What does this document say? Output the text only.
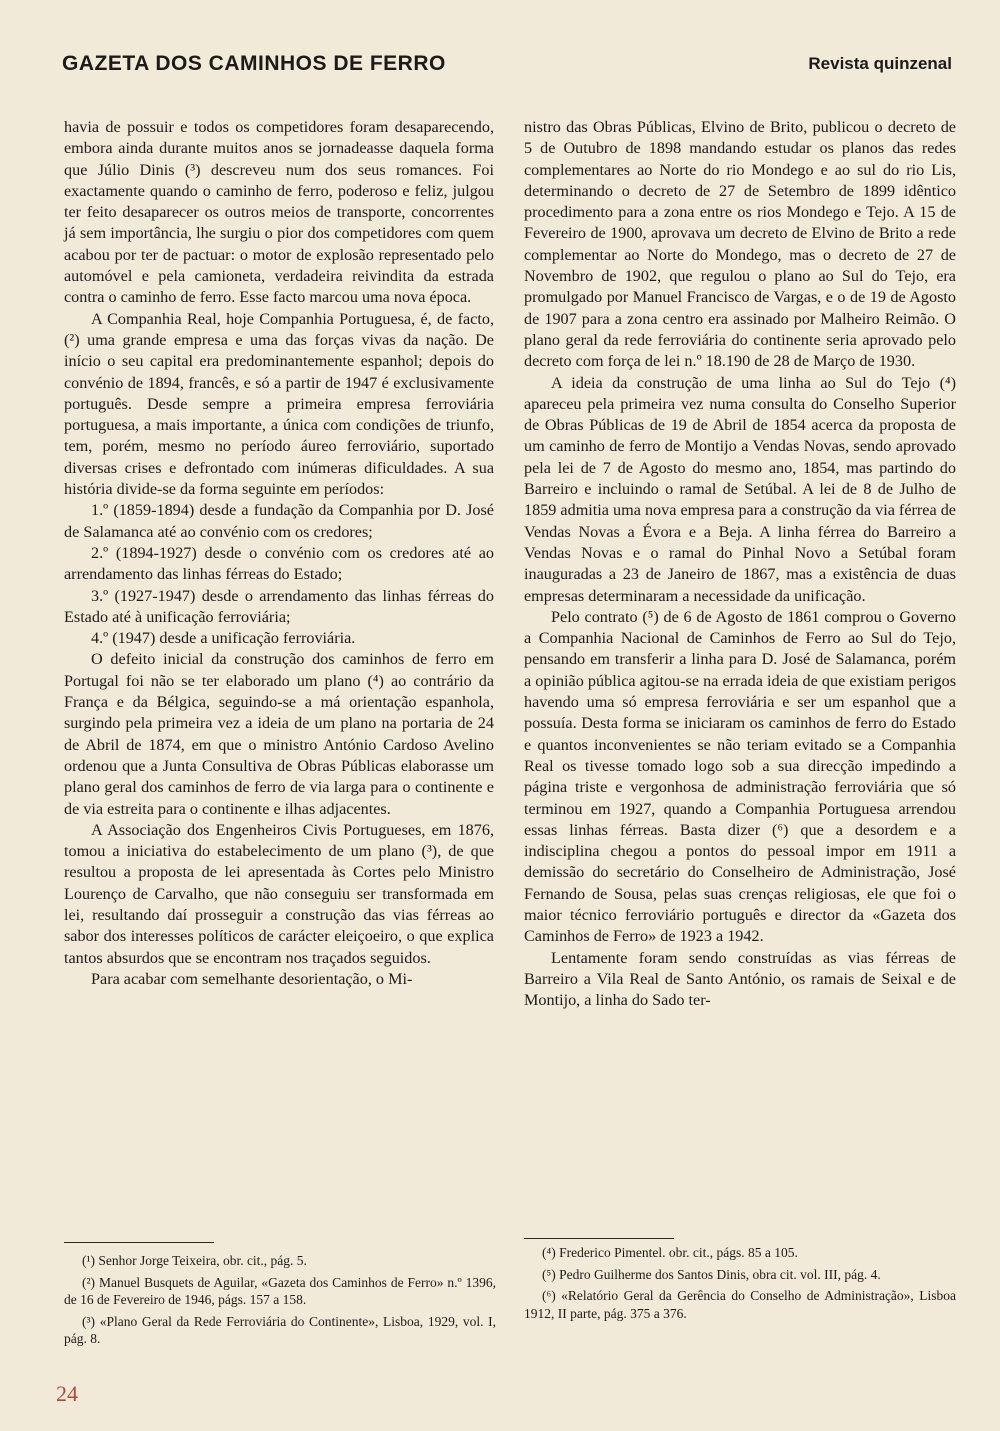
GAZETA DOS CAMINHOS DE FERRO	Revista quinzenal

havia de possuir e todos os competidores foram desaparecendo, embora ainda durante muitos anos se jornadeasse daquela forma que Júlio Dinis (³) descreveu num dos seus romances. Foi exactamente quando o caminho de ferro, poderoso e feliz, julgou ter feito desaparecer os outros meios de transporte, concorrentes já sem importância, lhe surgiu o pior dos competidores com quem acabou por ter de pactuar: o motor de explosão representado pelo automóvel e pela camioneta, verdadeira reivindita da estrada contra o caminho de ferro. Esse facto marcou uma nova época.

A Companhia Real, hoje Companhia Portuguesa, é, de facto, (²) uma grande empresa e uma das forças vivas da nação. De início o seu capital era predominantemente espanhol; depois do convénio de 1894, francês, e só a partir de 1947 é exclusivamente português. Desde sempre a primeira empresa ferroviária portuguesa, a mais importante, a única com condições de triunfo, tem, porém, mesmo no período áureo ferroviário, suportado diversas crises e defrontado com inúmeras dificuldades. A sua história divide-se da forma seguinte em períodos:

1.º (1859-1894) desde a fundação da Companhia por D. José de Salamanca até ao convénio com os credores;

2.º (1894-1927) desde o convénio com os credores até ao arrendamento das linhas férreas do Estado;

3.º (1927-1947) desde o arrendamento das linhas férreas do Estado até à unificação ferroviária;

4.º (1947) desde a unificação ferroviária.

O defeito inicial da construção dos caminhos de ferro em Portugal foi não se ter elaborado um plano (⁴) ao contrário da França e da Bélgica, seguindo-se a má orientação espanhola, surgindo pela primeira vez a ideia de um plano na portaria de 24 de Abril de 1874, em que o ministro António Cardoso Avelino ordenou que a Junta Consultiva de Obras Públicas elaborasse um plano geral dos caminhos de ferro de via larga para o continente e de via estreita para o continente e ilhas adjacentes.

A Associação dos Engenheiros Civis Portugueses, em 1876, tomou a iniciativa do estabelecimento de um plano (³), de que resultou a proposta de lei apresentada às Cortes pelo Ministro Lourenço de Carvalho, que não conseguiu ser transformada em lei, resultando daí prosseguir a construção das vias férreas ao sabor dos interesses políticos de carácter eleiçoeiro, o que explica tantos absurdos que se encontram nos traçados seguidos.

Para acabar com semelhante desorientação, o Mi-

nistro das Obras Públicas, Elvino de Brito, publicou o decreto de 5 de Outubro de 1898 mandando estudar os planos das redes complementares ao Norte do rio Mondego e ao sul do rio Lis, determinando o decreto de 27 de Setembro de 1899 idêntico procedimento para a zona entre os rios Mondego e Tejo. A 15 de Fevereiro de 1900, aprovava um decreto de Elvino de Brito a rede complementar ao Norte do Mondego, mas o decreto de 27 de Novembro de 1902, que regulou o plano ao Sul do Tejo, era promulgado por Manuel Francisco de Vargas, e o de 19 de Agosto de 1907 para a zona centro era assinado por Malheiro Reimão. O plano geral da rede ferroviária do continente seria aprovado pelo decreto com força de lei n.º 18.190 de 28 de Março de 1930.

A ideia da construção de uma linha ao Sul do Tejo (⁴) apareceu pela primeira vez numa consulta do Conselho Superior de Obras Públicas de 19 de Abril de 1854 acerca da proposta de um caminho de ferro de Montijo a Vendas Novas, sendo aprovado pela lei de 7 de Agosto do mesmo ano, 1854, mas partindo do Barreiro e incluindo o ramal de Setúbal. A lei de 8 de Julho de 1859 admitia uma nova empresa para a construção da via férrea de Vendas Novas a Évora e a Beja. A linha férrea do Barreiro a Vendas Novas e o ramal do Pinhal Novo a Setúbal foram inauguradas a 23 de Janeiro de 1867, mas a existência de duas empresas determinaram a necessidade da unificação.

Pelo contrato (⁵) de 6 de Agosto de 1861 comprou o Governo a Companhia Nacional de Caminhos de Ferro ao Sul do Tejo, pensando em transferir a linha para D. José de Salamanca, porém a opinião pública agitou-se na errada ideia de que existiam perigos havendo uma só empresa ferroviária e ser um espanhol que a possuía. Desta forma se iniciaram os caminhos de ferro do Estado e quantos inconvenientes se não teriam evitado se a Companhia Real os tivesse tomado logo sob a sua direcção impedindo a página triste e vergonhosa de administração ferroviária que só terminou em 1927, quando a Companhia Portuguesa arrendou essas linhas férreas. Basta dizer (⁶) que a desordem e a indisciplina chegou a pontos do pessoal impor em 1911 a demissão do secretário do Conselheiro de Administração, José Fernando de Sousa, pelas suas crenças religiosas, ele que foi o maior técnico ferroviário português e director da «Gazeta dos Caminhos de Ferro» de 1923 a 1942.

Lentamente foram sendo construídas as vias férreas de Barreiro a Vila Real de Santo António, os ramais de Seixal e de Montijo, a linha do Sado ter-

(¹) Senhor Jorge Teixeira, obr. cit., pág. 5.

(²) Manuel Busquets de Aguilar, «Gazeta dos Caminhos de Ferro» n.º 1396, de 16 de Fevereiro de 1946, págs. 157 a 158.

(³) «Plano Geral da Rede Ferroviária do Continente», Lisboa, 1929, vol. I, pág. 8.

(⁴) Frederico Pimentel. obr. cit., págs. 85 a 105.

(⁵) Pedro Guilherme dos Santos Dinis, obra cit. vol. III, pág. 4.

(⁶) «Relatório Geral da Gerência do Conselho de Administração», Lisboa 1912, II parte, pág. 375 a 376.

24
